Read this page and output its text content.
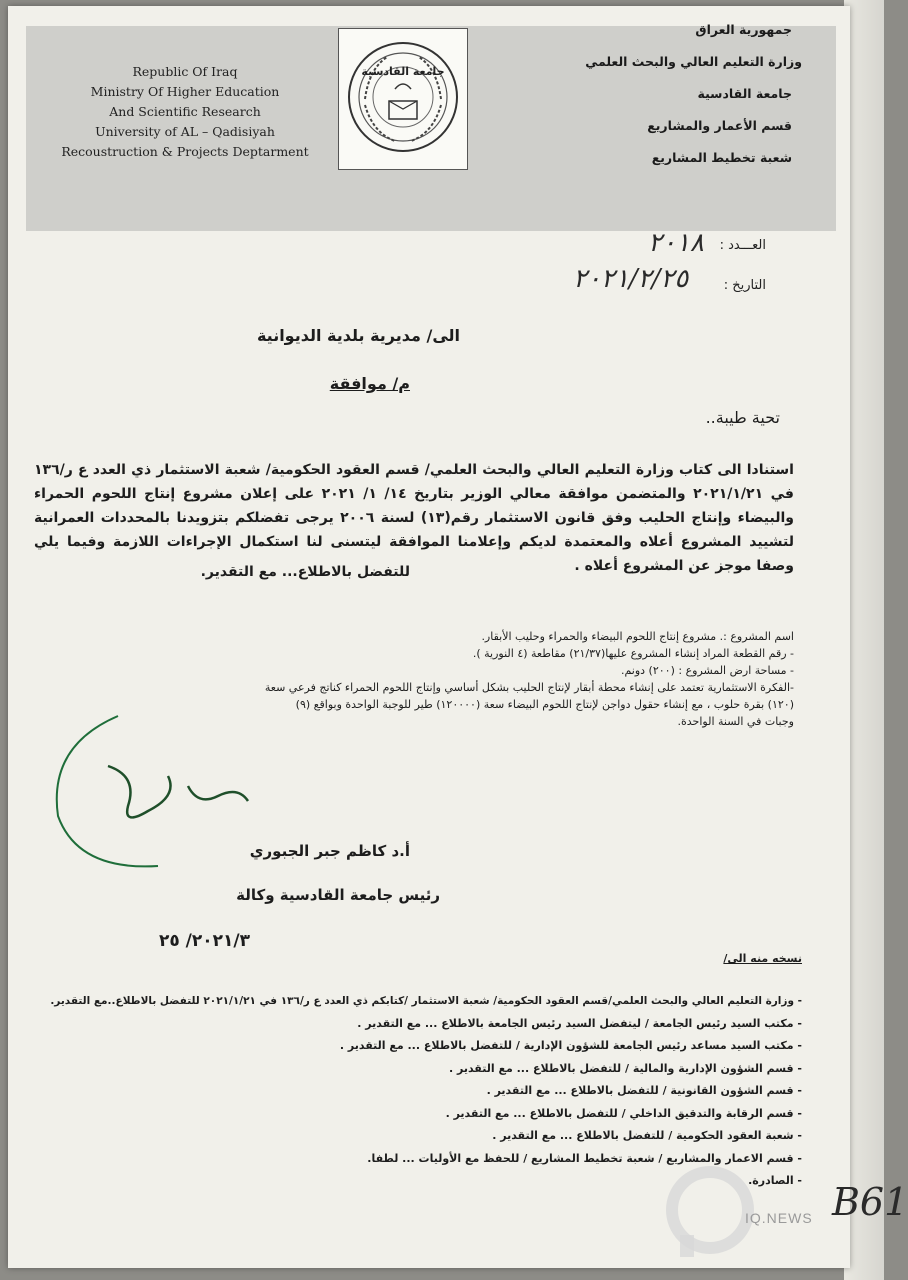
Republic Of Iraq
Ministry Of Higher Education
And Scientific Research
University of AL – Qadisiyah
Recoustruction & Projects Deptarment
جامعة القادسية
جمهورية العراق
وزارة التعليم العالي والبحث العلمي
جامعة القادسية
قسم الأعمار والمشاريع
شعبة تخطيط المشاريع
العـــدد :
٢٠١٨
التاريخ :
٢٠٢١/٢/٢٥
الى/ مديرية بلدية الديوانية
م/ موافقة
تحية طيبة..
استنادا الى كتاب وزارة التعليم العالي والبحث العلمي/ قسم العقود الحكومية/ شعبة الاستثمار ذي العدد ع ر/١٣٦ في ٢٠٢١/١/٢١ والمتضمن موافقة معالي الوزير بتاريخ ١٤/ ١/ ٢٠٢١ على إعلان مشروع إنتاج اللحوم الحمراء والبيضاء وإنتاج الحليب وفق قانون الاستثمار رقم(١٣) لسنة ٢٠٠٦ يرجى تفضلكم بتزويدنا بالمحددات العمرانية لتشييد المشروع أعلاه والمعتمدة لديكم وإعلامنا الموافقة ليتسنى لنا استكمال الإجراءات اللازمة وفيما يلي وصفا موجز عن المشروع أعلاه .
للتفضل بالاطلاع... مع التقدير.
اسم المشروع :. مشروع إنتاج اللحوم البيضاء والحمراء وحليب الأبقار.
- رقم القطعة المراد إنشاء المشروع عليها(٢١/٣٧) مقاطعة (٤ النورية ).
- مساحة ارض المشروع : (٢٠٠) دونم.
-الفكرة الاستثمارية تعتمد على إنشاء محطة أبقار لإنتاج الحليب بشكل أساسي وإنتاج اللحوم الحمراء كناتج فرعي سعة
(١٢٠) بقرة حلوب ، مع إنشاء حقول دواجن لإنتاج اللحوم البيضاء سعة (١٢٠٠٠٠) طير للوجبة الواحدة وبواقع (٩)
وجبات في السنة الواحدة.
أ.د كاظم جبر الجبوري
رئيس جامعة القادسية وكالة
٢٠٢١/٣/ ٢٥
نسخه منه الى/
- وزارة التعليم العالي والبحث العلمي/قسم العقود الحكومية/ شعبة الاستثمار /كتابكم ذي العدد ع ر/١٣٦ في ٢٠٢١/١/٢١ للتفضل بالاطلاع..مع التقدير.
- مكتب السيد رئيس الجامعة / ليتفضل السيد رئيس الجامعة بالاطلاع ... مع التقدير .
- مكتب السيد مساعد رئيس الجامعة للشؤون الإدارية / للتفضل بالاطلاع ... مع التقدير .
- قسم الشؤون الإدارية والمالية / للتفضل بالاطلاع ... مع التقدير .
- قسم الشؤون القانونية / للتفضل بالاطلاع ... مع التقدير .
- قسم الرقابة والتدقيق الداخلي / للتفضل بالاطلاع ... مع التقدير .
- شعبة العقود الحكومية / للتفضل بالاطلاع ... مع التقدير .
- قسم الاعمار والمشاريع / شعبة تخطيط المشاريع / للحفظ مع الأوليات ... لطفا.
- الصادرة.
IQ.NEWS B61
